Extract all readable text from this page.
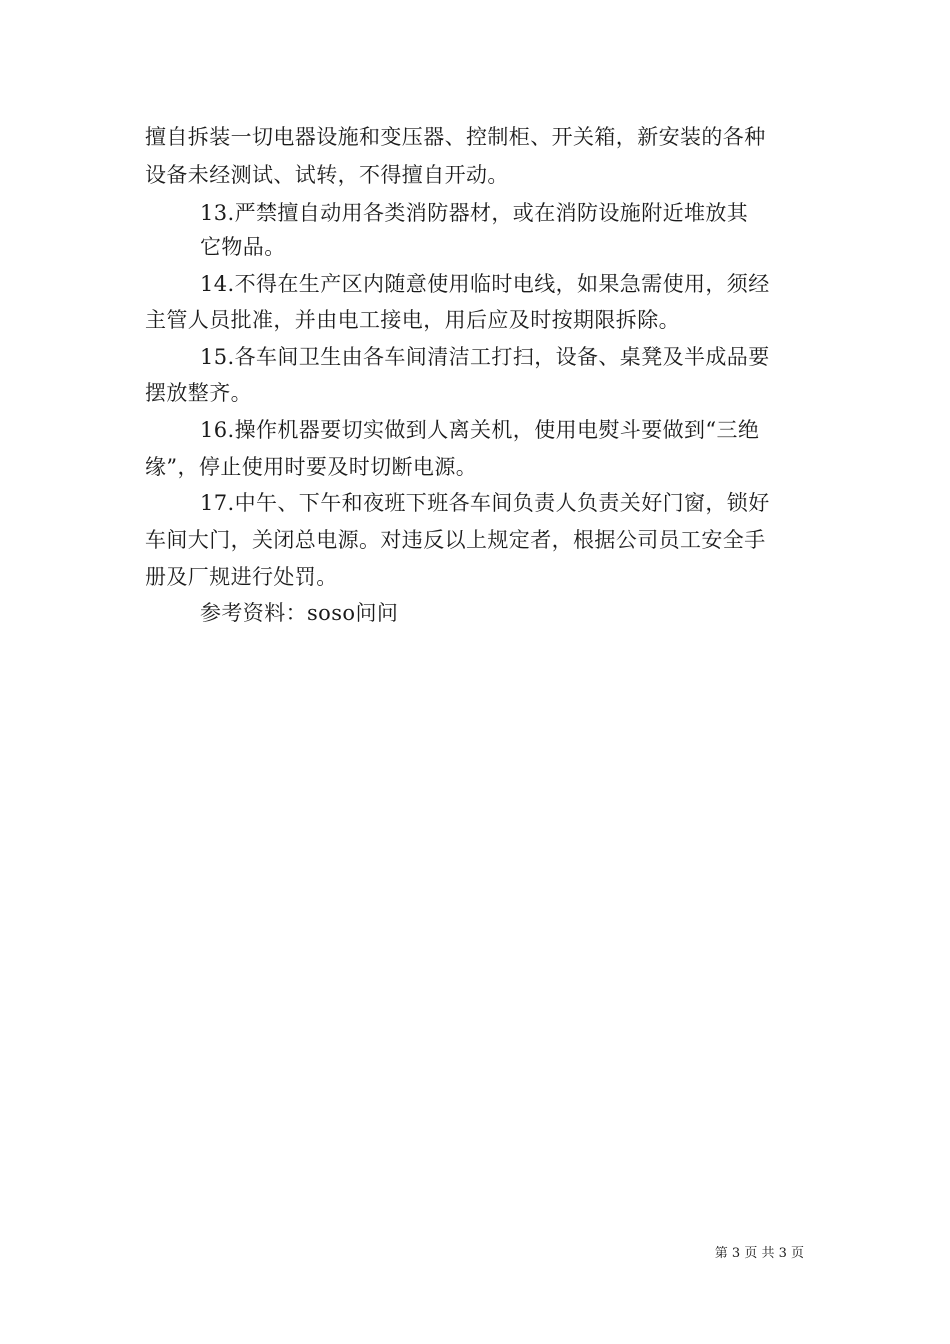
擅自拆装一切电器设施和变压器、控制柜、开关箱，新安装的各种
设备未经测试、试转，不得擅自开动。
13.严禁擅自动用各类消防器材，或在消防设施附近堆放其
它物品。
14.不得在生产区内随意使用临时电线，如果急需使用，须经
主管人员批准，并由电工接电，用后应及时按期限拆除。
15.各车间卫生由各车间清洁工打扫，设备、桌凳及半成品要
摆放整齐。
16.操作机器要切实做到人离关机，使用电熨斗要做到“三绝
缘”，停止使用时要及时切断电源。
17.中午、下午和夜班下班各车间负责人负责关好门窗，锁好
车间大门，关闭总电源。对违反以上规定者，根据公司员工安全手
册及厂规进行处罚。
参考资料：soso问问
第 3 页 共 3 页
